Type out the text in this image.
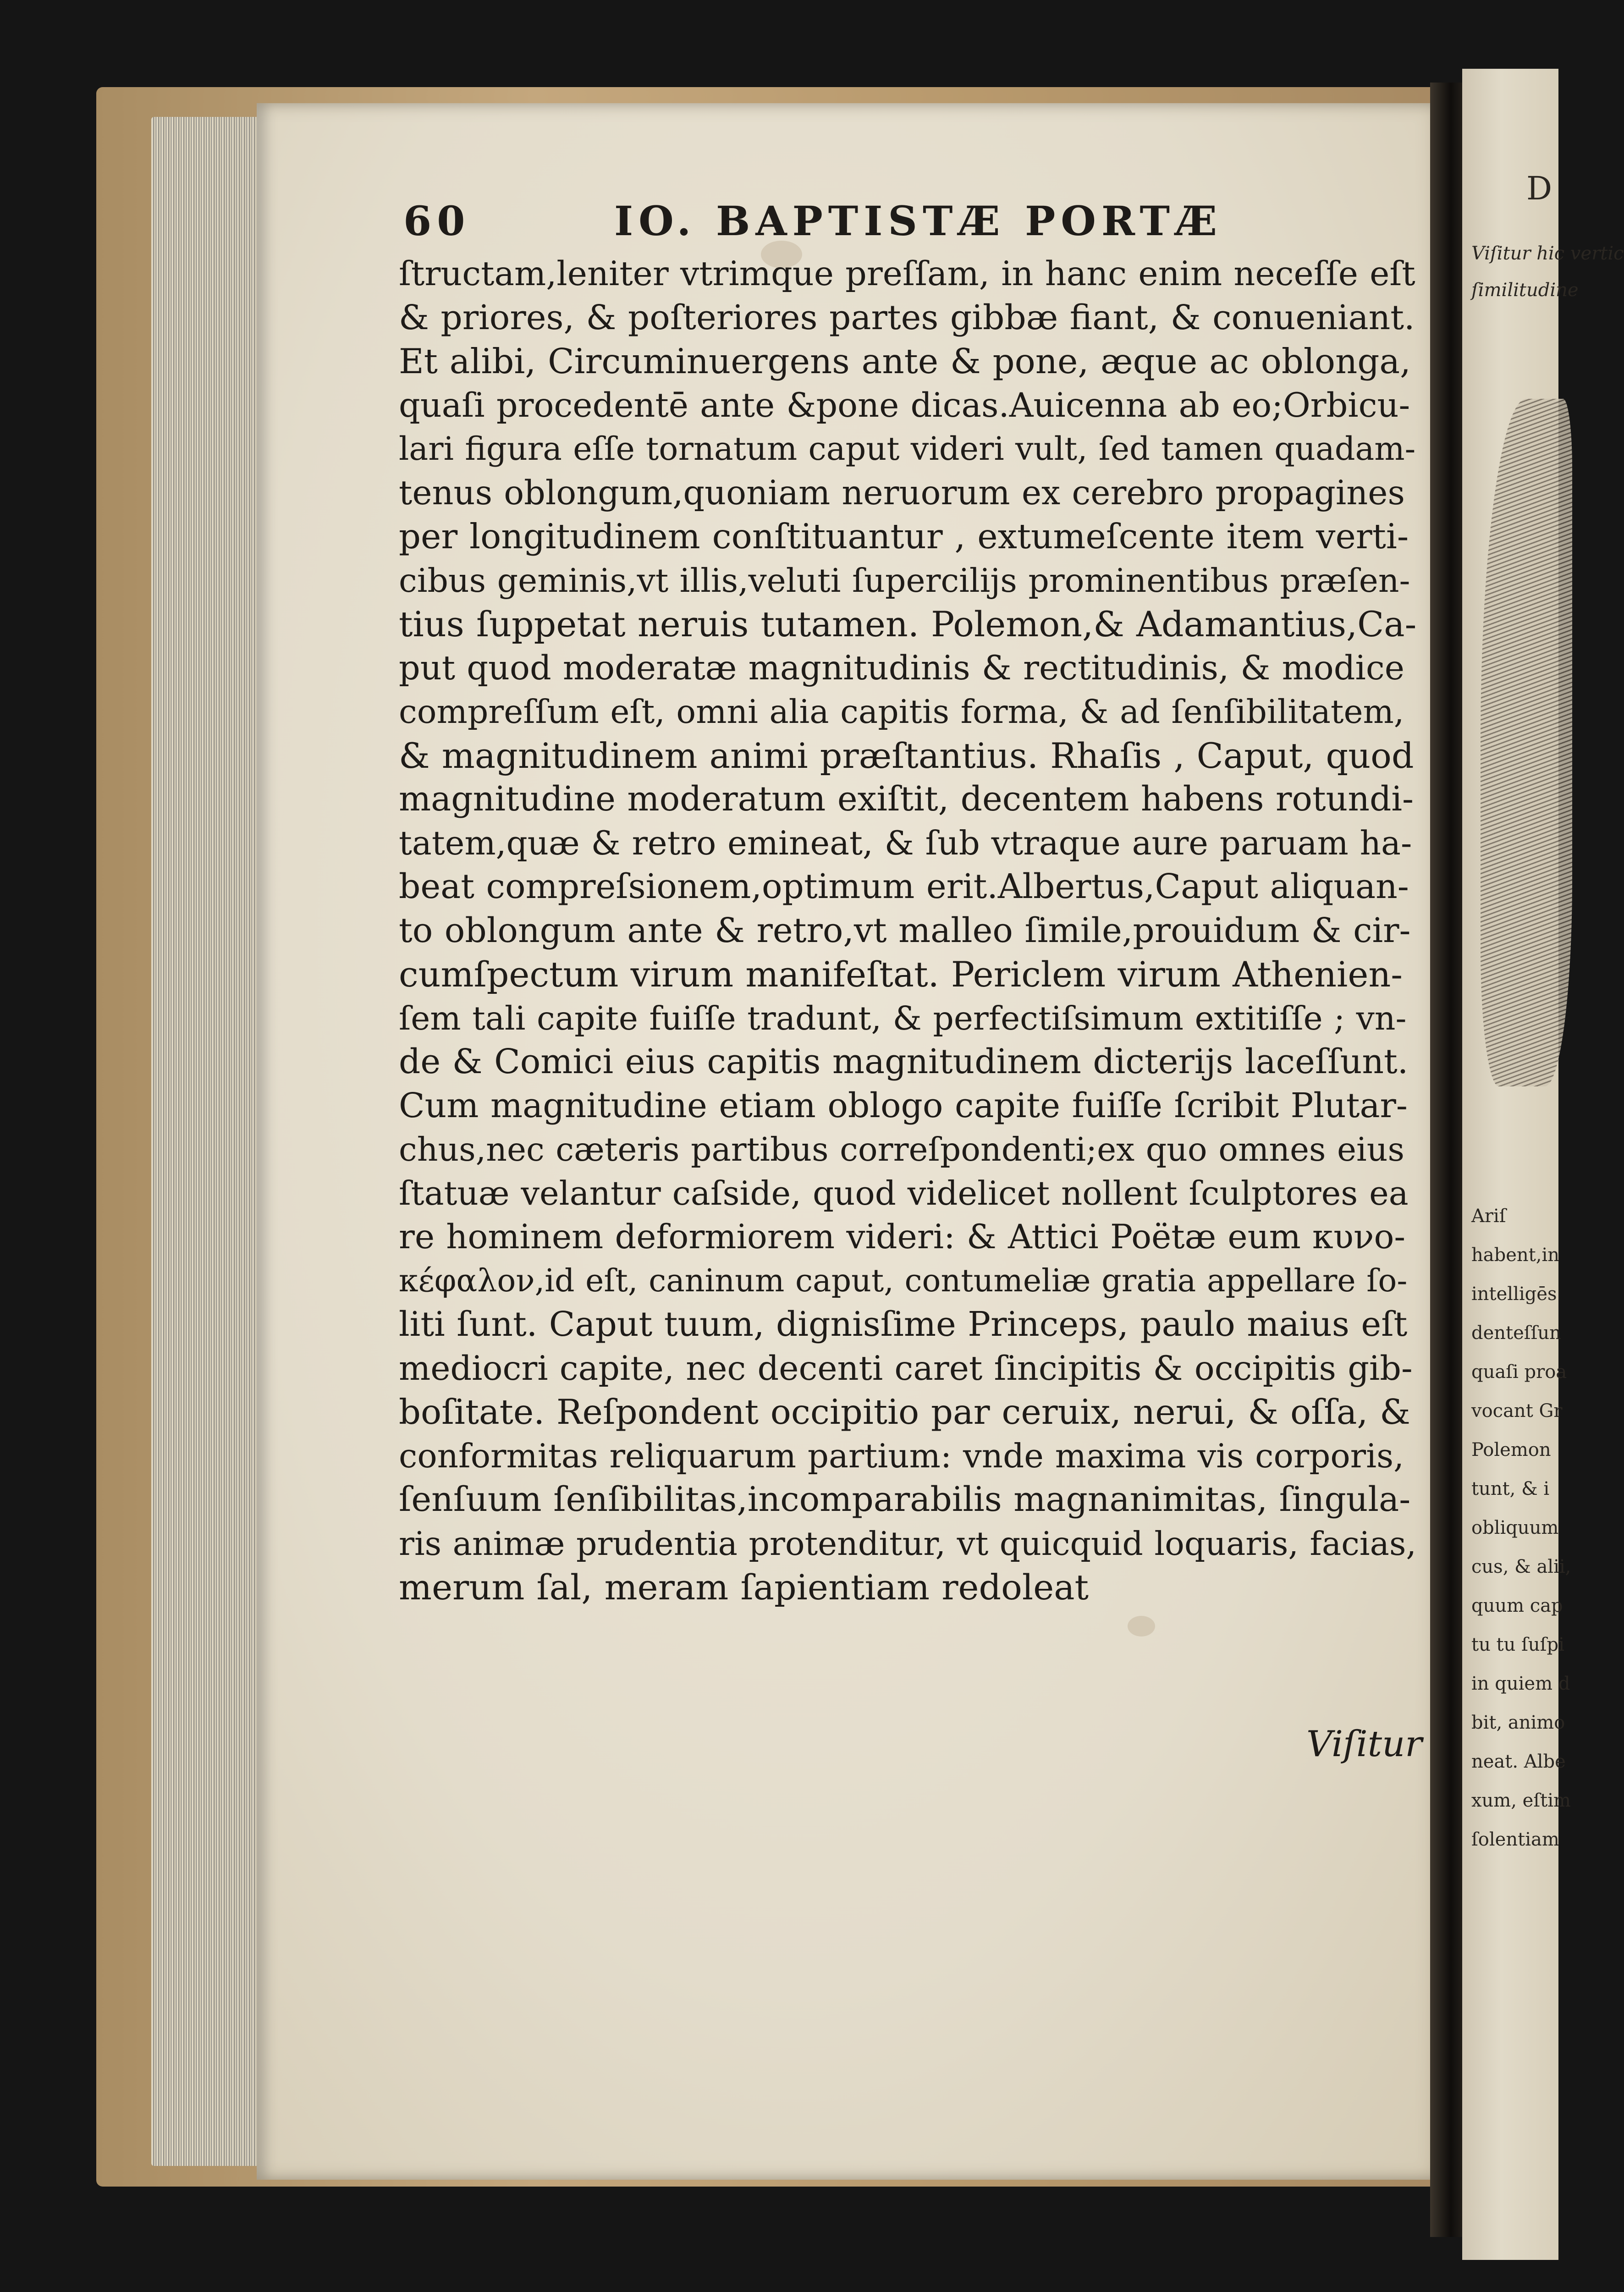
D
Viſitur hic vertic
ſimilitudine
Ariſ
habent,in
intelligēs
denteſſun
quaſi proa
vocant Gr
Polemon
tunt, & i
obliquum
cus, & alii,
quum cap
tu tu ſuſpi
in quiem d
bit, animo
neat. Albe
xum, eſtim
ſolentiam
60	IO. BAPTISTÆ PORTÆ
ſtructam,leniter vtrimque preſſam, in hanc enim neceſſe eſt
& priores, & poſteriores partes gibbæ fiant, & conueniant.
Et alibi, Circuminuergens ante & pone, æque ac oblonga,
quaſi procedentē ante &pone dicas.Auicenna ab eo;Orbicu-
lari figura eſſe tornatum caput videri vult, ſed tamen quadam-
tenus oblongum,quoniam neruorum ex cerebro propagines
per longitudinem conſtituantur , extumeſcente item verti-
cibus geminis,vt illis,veluti ſupercilijs prominentibus præſen-
tius ſuppetat neruis tutamen. Polemon,& Adamantius,Ca-
put quod moderatæ magnitudinis & rectitudinis, & modice
compreſſum eſt, omni alia capitis forma, & ad ſenſibilitatem,
& magnitudinem animi præſtantius. Rhaſis , Caput, quod
magnitudine moderatum exiſtit, decentem habens rotundi-
tatem,quæ & retro emineat, & ſub vtraque aure paruam ha-
beat compreſsionem,optimum erit.Albertus,Caput aliquan-
to oblongum ante & retro,vt malleo ſimile,prouidum & cir-
cumſpectum virum manifeſtat. Periclem virum Athenien-
ſem tali capite fuiſſe tradunt, & perfectiſsimum extitiſſe ; vn-
de & Comici eius capitis magnitudinem dicterijs laceſſunt.
Cum magnitudine etiam oblogo capite fuiſſe ſcribit Plutar-
chus,nec cæteris partibus correſpondenti;ex quo omnes eius
ſtatuæ velantur caſside, quod videlicet nollent ſculptores ea
re hominem deformiorem videri: & Attici Poëtæ eum κυνο-
κέφαλον,id eſt, caninum caput, contumeliæ gratia appellare ſo-
liti ſunt. Caput tuum, dignisſime Princeps, paulo maius eſt
mediocri capite, nec decenti caret ſincipitis & occipitis gib-
boſitate. Reſpondent occipitio par ceruix, nerui, & oſſa, &
conformitas reliquarum partium: vnde maxima vis corporis,
ſenſuum ſenſibilitas,incomparabilis magnanimitas, ſingula-
ris animæ prudentia protenditur, vt quicquid loquaris, facias,
merum ſal, meram ſapientiam redoleat
Viſitur
